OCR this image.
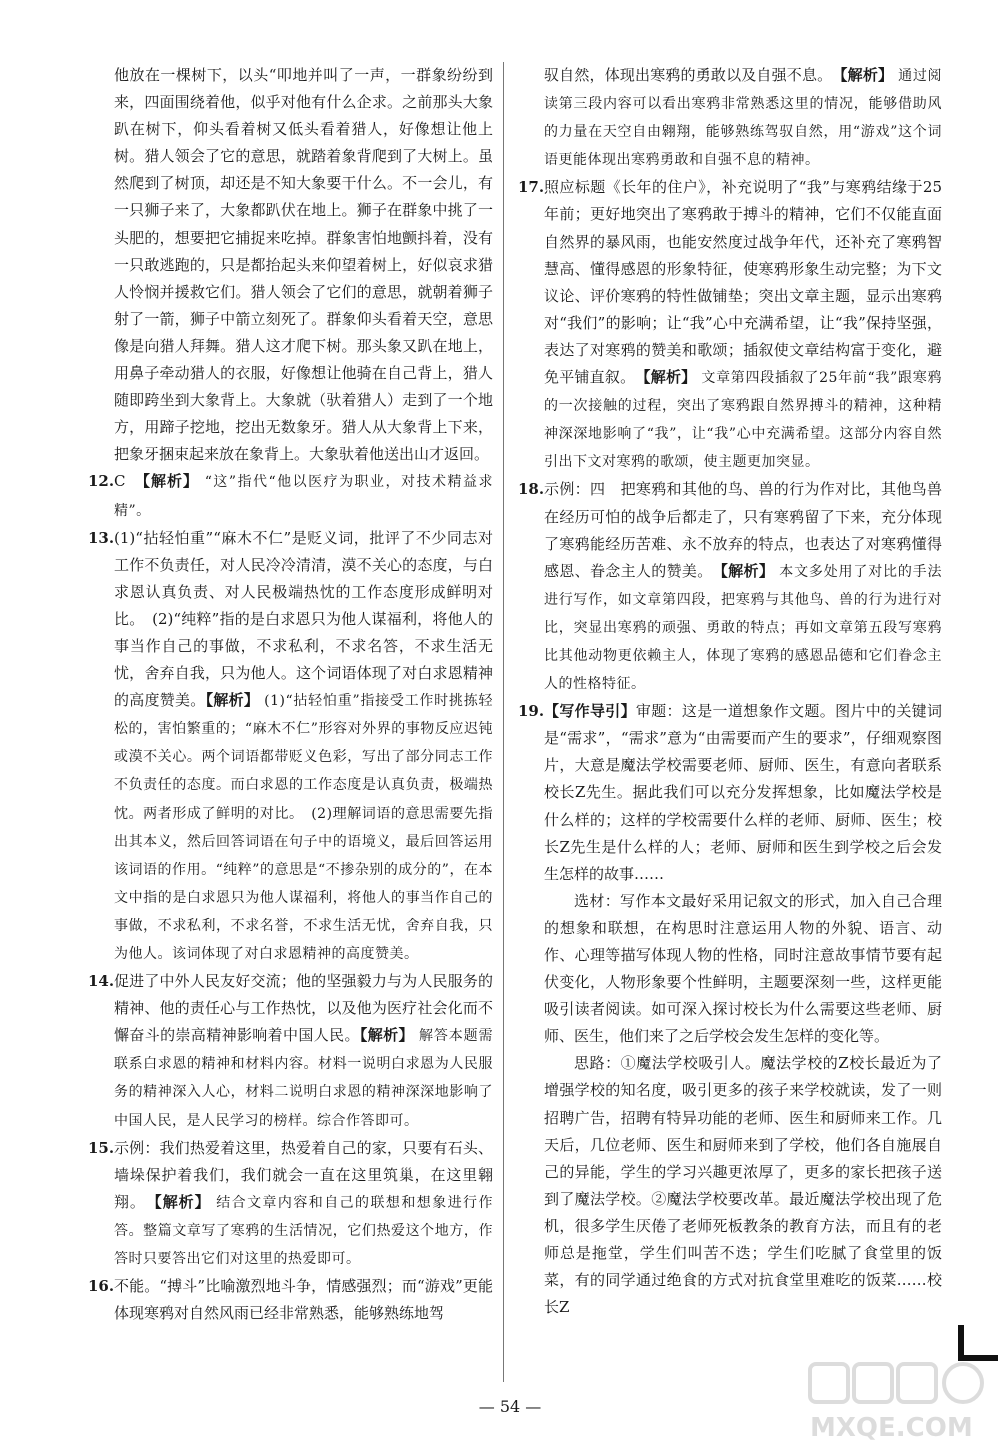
他放在一棵树下，以头“叩地并叫了一声，一群象纷纷到来，四面围绕着他，似乎对他有什么企求。之前那头大象趴在树下，仰头看着树又低头看着猎人，好像想让他上树。猎人领会了它的意思，就踏着象背爬到了大树上。虽然爬到了树顶，却还是不知大象要干什么。不一会儿，有一只狮子来了，大象都趴伏在地上。狮子在群象中挑了一头肥的，想要把它捕捉来吃掉。群象害怕地颤抖着，没有一只敢逃跑的，只是都抬起头来仰望着树上，好似哀求猎人怜悯并援救它们。猎人领会了它们的意思，就朝着狮子射了一箭，狮子中箭立刻死了。群象仰头看着天空，意思像是向猎人拜舞。猎人这才爬下树。那头象又趴在地上，用鼻子牵动猎人的衣服，好像想让他骑在自己背上，猎人随即跨坐到大象背上。大象就（驮着猎人）走到了一个地方，用蹄子挖地，挖出无数象牙。猎人从大象背上下来，把象牙捆束起来放在象背上。大象驮着他送出山才返回。

12. C　 【解析】 “这”指代“他以医疗为职业，对技术精益求精”。
13. (1)“拈轻怕重”“麻木不仁”是贬义词，批评了不少同志对工作不负责任，对人民冷冷清清，漠不关心的态度，与白求恩认真负责、对人民极端热忱的工作态度形成鲜明对比。　(2)“纯粹”指的是白求恩只为他人谋福利，将他人的事当作自己的事做，不求私利，不求名答，不求生活无忧，舍弃自我，只为他人。这个词语体现了对白求恩精神的高度赞美。【解析】 (1)“拈轻怕重”指接受工作时挑拣轻松的，害怕繁重的；“麻木不仁”形容对外界的事物反应迟钝或漠不关心。两个词语都带贬义色彩，写出了部分同志工作不负责任的态度。而白求恩的工作态度是认真负责，极端热忱。两者形成了鲜明的对比。　(2)理解词语的意思需要先指出其本义，然后回答词语在句子中的语境义，最后回答运用该词语的作用。“纯粹”的意思是“不掺杂别的成分的”，在本文中指的是白求恩只为他人谋福利，将他人的事当作自己的事做，不求私利，不求名誉，不求生活无忧，舍弃自我，只为他人。该词体现了对白求恩精神的高度赞美。
14. 促进了中外人民友好交流；他的坚强毅力与为人民服务的精神、他的责任心与工作热忱，以及他为医疗社会化而不懈奋斗的崇高精神影响着中国人民。【解析】 解答本题需联系白求恩的精神和材料内容。材料一说明白求恩为人民服务的精神深入人心，材料二说明白求恩的精神深深地影响了中国人民，是人民学习的榜样。综合作答即可。
15. 示例：我们热爱着这里，热爱着自己的家，只要有石头、墙垛保护着我们，我们就会一直在这里筑巢，在这里翱翔。　 【解析】 结合文章内容和自己的联想和想象进行作答。整篇文章写了寒鸦的生活情况，它们热爱这个地方，作答时只要答出它们对这里的热爱即可。
16. 不能。“搏斗”比喻激烈地斗争，情感强烈；而“游戏”更能体现寒鸦对自然风雨已经非常熟悉，能够熟练地驾
驭自然，体现出寒鸦的勇敢以及自强不息。　 【解析】 通过阅读第三段内容可以看出寒鸦非常熟悉这里的情况，能够借助风的力量在天空自由翱翔，能够熟练驾驭自然，用“游戏”这个词语更能体现出寒鸦勇敢和自强不息的精神。
17. 照应标题《长年的住户》，补充说明了“我”与寒鸦结缘于25年前；更好地突出了寒鸦敢于搏斗的精神，它们不仅能直面自然界的暴风雨，也能安然度过战争年代，还补充了寒鸦智慧高、懂得感恩的形象特征，使寒鸦形象生动完整；为下文议论、评价寒鸦的特性做铺垫；突出文章主题，显示出寒鸦对“我们”的影响；让“我”心中充满希望，让“我”保持坚强，表达了对寒鸦的赞美和歌颂；插叙使文章结构富于变化，避免平铺直叙。　 【解析】 文章第四段插叙了25年前“我”跟寒鸦的一次接触的过程，突出了寒鸦跟自然界搏斗的精神，这种精神深深地影响了“我”，让“我”心中充满希望。这部分内容自然引出下文对寒鸦的歌颂，使主题更加突显。
18. 示例：四　把寒鸦和其他的鸟、兽的行为作对比，其他鸟兽在经历可怕的战争后都走了，只有寒鸦留了下来，充分体现了寒鸦能经历苦难、永不放弃的特点，也表达了对寒鸦懂得感恩、眷念主人的赞美。　 【解析】 本文多处用了对比的手法进行写作，如文章第四段，把寒鸦与其他鸟、兽的行为进行对比，突显出寒鸦的顽强、勇敢的特点；再如文章第五段写寒鸦比其他动物更依赖主人，体现了寒鸦的感恩品德和它们眷念主人的性格特征。
19. 【写作导引】审题：这是一道想象作文题。图片中的关键词是“需求”，“需求”意为“由需要而产生的要求”，仔细观察图片，大意是魔法学校需要老师、厨师、医生，有意向者联系校长Z先生。据此我们可以充分发挥想象，比如魔法学校是什么样的；这样的学校需要什么样的老师、厨师、医生；校长Z先生是什么样的人；老师、厨师和医生到学校之后会发生怎样的故事……

选材：写作本文最好采用记叙文的形式，加入自己合理的想象和联想，在构思时注意运用人物的外貌、语言、动作、心理等描写体现人物的性格，同时注意故事情节要有起伏变化，人物形象要个性鲜明，主题要深刻一些，这样更能吸引读者阅读。如可深入探讨校长为什么需要这些老师、厨师、医生，他们来了之后学校会发生怎样的变化等。

思路：①魔法学校吸引人。魔法学校的Z校长最近为了增强学校的知名度，吸引更多的孩子来学校就读，发了一则招聘广告，招聘有特异功能的老师、医生和厨师来工作。几天后，几位老师、医生和厨师来到了学校，他们各自施展自己的异能，学生的学习兴趣更浓厚了，更多的家长把孩子送到了魔法学校。②魔法学校要改革。最近魔法学校出现了危机，很多学生厌倦了老师死板教条的教育方法，而且有的老师总是拖堂，学生们叫苦不迭；学生们吃腻了食堂里的饭菜，有的同学通过绝食的方式对抗食堂里难吃的饭菜……校长Z

— 54 —
MXQE.COM
